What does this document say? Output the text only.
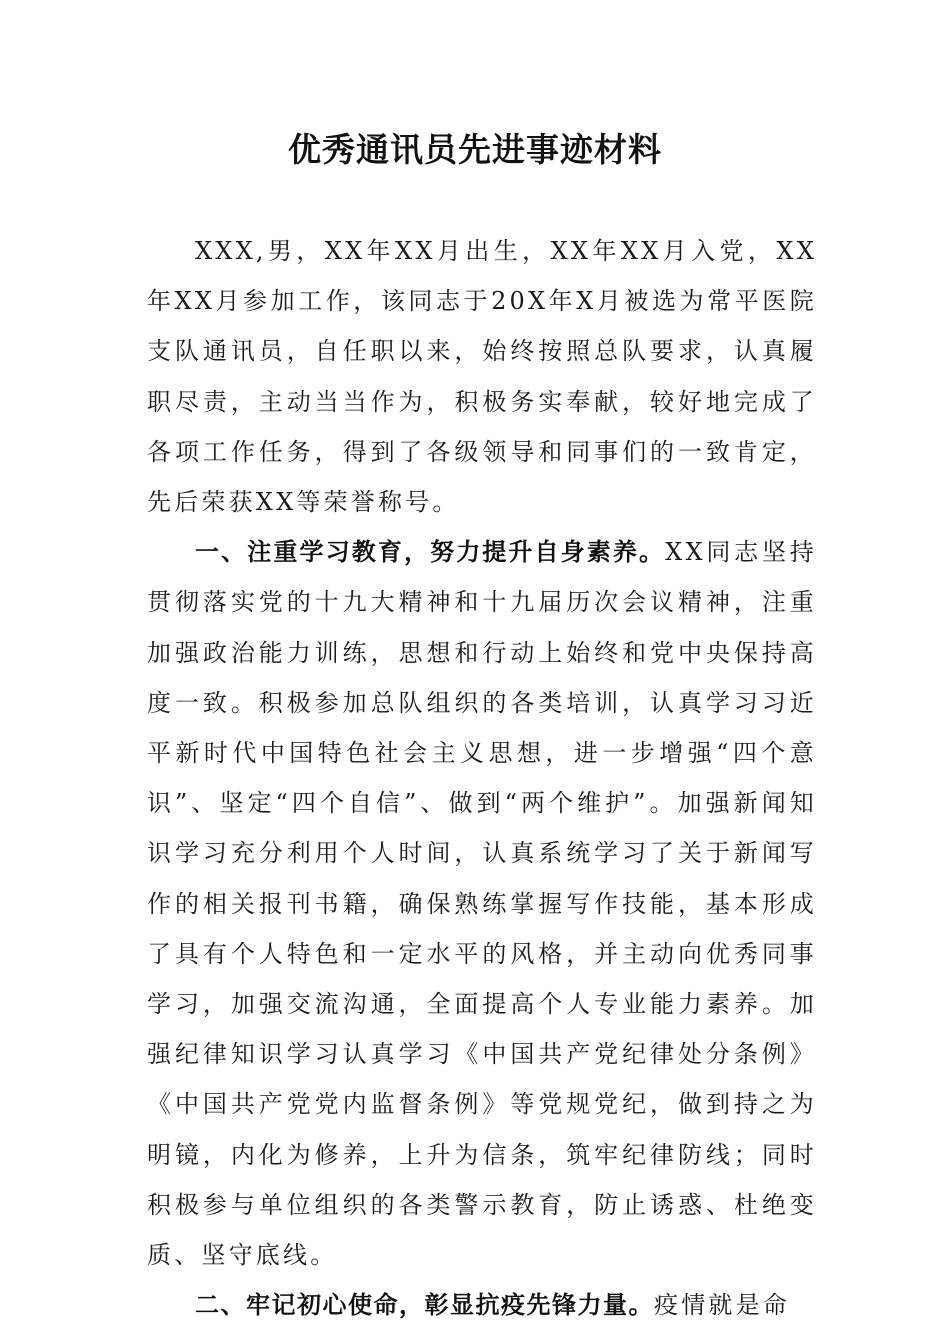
优秀通讯员先进事迹材料

XXX,男，XX年XX月出生，XX年XX月入党，XX年XX月参加工作，该同志于20X年X月被选为常平医院支队通讯员，自任职以来，始终按照总队要求，认真履职尽责，主动当当作为，积极务实奉献，较好地完成了各项工作任务，得到了各级领导和同事们的一致肯定，先后荣获XX等荣誉称号。

一、注重学习教育，努力提升自身素养。XX同志坚持贯彻落实党的十九大精神和十九届历次会议精神，注重加强政治能力训练，思想和行动上始终和党中央保持高度一致。积极参加总队组织的各类培训，认真学习习近平新时代中国特色社会主义思想，进一步增强“四个意识”、坚定“四个自信”、做到“两个维护”。加强新闻知识学习充分利用个人时间，认真系统学习了关于新闻写作的相关报刊书籍，确保熟练掌握写作技能，基本形成了具有个人特色和一定水平的风格，并主动向优秀同事学习，加强交流沟通，全面提高个人专业能力素养。加强纪律知识学习认真学习《中国共产党纪律处分条例》《中国共产党党内监督条例》等党规党纪，做到持之为明镜，内化为修养，上升为信条，筑牢纪律防线；同时积极参与单位组织的各类警示教育，防止诱惑、杜绝变质、坚守底线。

二、牢记初心使命，彰显抗疫先锋力量。疫情就是命
